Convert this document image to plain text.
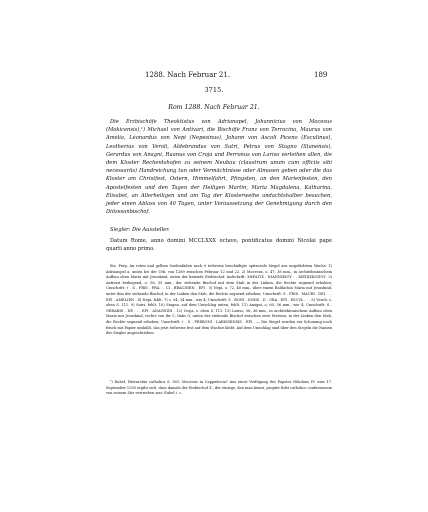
1288. Nach Februar 21.	189
3715.
Rom 1288. Nach Februar 21.

Die Erzbischöfe Theoktistus von Adrianopel, Johannicius von Mocesus (Mokicensis),¹) Michael von Antivari, die Bischöfe Franz von Terracina, Maurus von Amelia, Léonardus von Nepi (Nepesinus), Johann von Ascoli Piceno (Esculinus), Leotherius von Veroli, Aldebrandus von Sutri, Petrus von Stagno (Stanensis), Gerardus von Anagni, Ruanus von Croja und Perronus von Lariso verleihen allen, die dem Kloster Rechentshofen zu seinem Neubau (claustrum unum cum officiis sibi necessariis) Handreichung tun oder Vermächtnisse oder Almosen geben oder die das Kloster am Christfest, Ostern, Himmelfahrt, Pfingsten, an den Marienfesten, den Apostelfesten und den Tagen der Heiligen Martin, Maria Magdalena, Katharina, Elisabet, an Allerheiligen und am Tag der Klosterweihe andachtshalber besuchen, jeder einen Ablass von 40 Tagen, unter Voraussetzung der Genehmigung durch den Diözesanbischof.

Siegler: Die Aussteller.

Datum Rome, anno domini MCCLXXX octavo, pontificatus domini Nicolai pape quarti anno primo.

Stz. Perg. An roten und gelben Seidenfäden noch 9 teilweise beschädigte spitzovale Siegel aus ungefärbtem Wachs: 1) Adrianopel a. unten bei der Urk. von 1289 zwischen Februar 12 und 22. 2) Mocesus, o. 47, 38 mm., in architektonischem Aufbau oben Maria mit Jesuskind, unten der kniende Erzbischof. Aufschrift: ΣΦΡΑΓΙΣ . ΙΩΑΝΝΙΚΙΟΥ . . ΧΙΕΠΙΣΚΟΠΟΥ. 3) Antivari beiliegend, o. 56, 35 mm., der stehende Bischof mit dem Stab in der Linken, die Rechte segnend erhoben; Umschrift: † . S . FRIS . FRA . . CI . BRACINEN . EPI . 5) Nepi, o. 72, 40 mm., über einem Baldachin Maria mit Jesuskind, unter ihm der stehende Bischof, in der Linken den Stab, die Rechte segnend erhoben; Umschrift: S . FRIS . MAURI . DEI . . . EPI . AMELIEN . 4) Nepi, fehlt. 7) s. 54, 34 mm., wie 4; Umschrift: S . BONI . IOHIS . D . GRA . EPI . ESCVL . . . 8) Veroli, s. oben S. 111. 9) Sutri, fehlt. 10) Stagno, auf dem Umschlag unten, fehlt. 11) Anagni, o. 60, 36 mm., wie 4; Umschrift: S . GERARDI . DE . . . EPI . ANAGNINI . 12) Croja, s. oben S. 111. 13) Lariso, 56, 36 mm., in architektonischem Aufbau oben Maria mit Jesuskind, rechts von ihr C, links O, unten der stehende Bischof zwischen zwei Sternen, in der Linken den Stab, die Rechte segnend erhoben; Umschrift: † . S . PERRONI . LARISSENSIS . EPI . — Die Siegel wurden zur Schonung noch frisch mit Papier umhüllt, das jetzt teilweise fest auf dem Wachse klebt. Auf dem Umschlag sind über den Siegeln die Namen der Siegler angeschrieben.

¹) Eubel, Hierarchia catholica S. 361: Mocesus in Cappadocia? Aus einer Verfügung des Papstes Nikolaus IV. vom 17. September 1290 ergibt sich, dass damals der Erzbischof Z., der einzige, den man kennt, propter fidei catholice confessionem von seinem Sitz vertrieben war. Eubel i. c.
